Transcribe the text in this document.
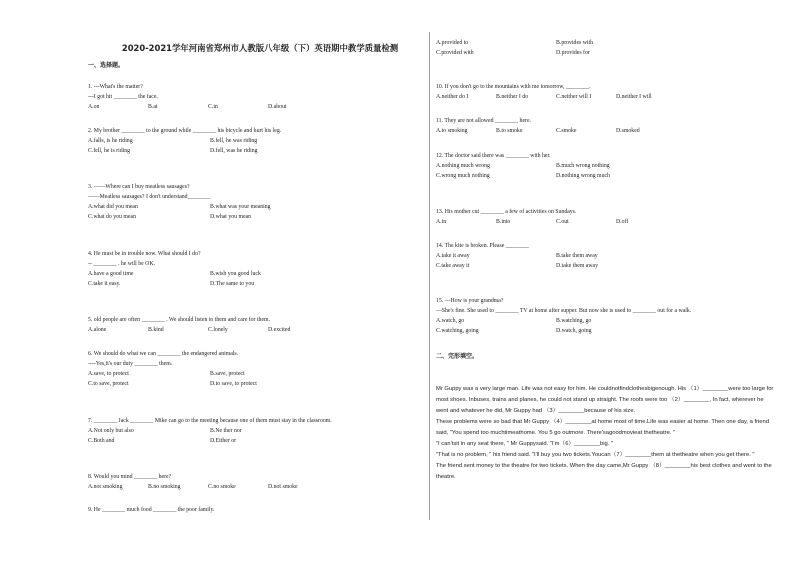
2020-2021学年河南省郑州市人教版八年级（下）英语期中教学质量检测
一、选择题。
1. ---What's the matter?
---I got hit ________ the face.
A.on	B.at	C.in	D.about
2. My brother ________ to the ground while ________ his bicycle and hurt his leg.
A.falls, is he riding	B.fell, he was riding
C.fell, he is riding	D.fell, was he riding
3. ——Where can I buy meatless sausages?
——Meatless sausages? I don't understand________
A.what did you mean	B.what was your meaning
C.what do you mean	D.what you mean
4. He must be in trouble now. What should I do?
-- ________ . he will be OK.
A.have a good time	B.wish you good luck
C.take it easy.	D.The same to you
5. old people are often ________ . We should listen to them and care for them.
A.alone	B.kind	C.lonely	D.excited
6. We should do what we can ________ the endangered animals.
----Yes,it's our duty ________ them.
A.save, to protect	B.save, protect
C.to save, protect	D.to save, to protect
7. ________ Jack ________ Mike can go to the meeting because one of them must stay in the classroom.
A.Not only but also	B.Ne ther nor
C.Both and	D.Either or
8. Would you mind ________ here?
A.not smoking	B.no smoking	C.no smoke	D.not smoke
9. He ________ much food ________ the poor family.
A.provided to	B.provides with
C.provided with	D.provides for
10. If you don't go to the mountains with me tomorrow, ________.
A.neither do I	B.neither I do	C.neither will I	D.neither I will
11. They are not allowed ________ here.
A.to smoking	B.to smoke	C.smoke	D.smoked
12. The doctor said there was ________ with her.
A.nothing much wrong	B.much wrong nothing
C.wrong much nothing	D.nothing wrong much
13. His mother cut ________ a few of activities on Sundays.
A.in	B.into	C.out	D.off
14. The kite is broken. Please ________
A.take it away	B.take them away
C.take away it	D.take them away
15. —How is your grandma?
—She's fine. She used to ________ TV at home after supper. But now she is used to ________ out for a walk.
A.watch, go	B.watching, go
C.watching, going	D.watch, going
二、完形填空。

Mr Guppy was a very large man. Life was not easy for him. He couldnotfindclothesbigenough. His （1）________were too large for most shoes. Inbuses, trains and planes, he could not stand up straight. The roofs were too （2）________. In fact, wherever he went and whatever he did, Mr Guppy had （3）________because of his size.

These problems were so bad that Mr Guppy （4）________at home most of time.Life was easier at home. Then one day, a friend said, "You spend too muchtimeathome. You 5 go outmore. There'sagoodmovieat thetheatre. "

"I can'tsit in any seat there, " Mr Guppysaid. "I'm（6）________big. "

"That is no problem, " his friend said. "I'll buy you two tickets.Youcan（7）________them at thetheatre when you get there. "

The friend sent money to the theatre for two tickets. When the day came,Mr Guppy （8）________his best clothes and went to the theatre.
